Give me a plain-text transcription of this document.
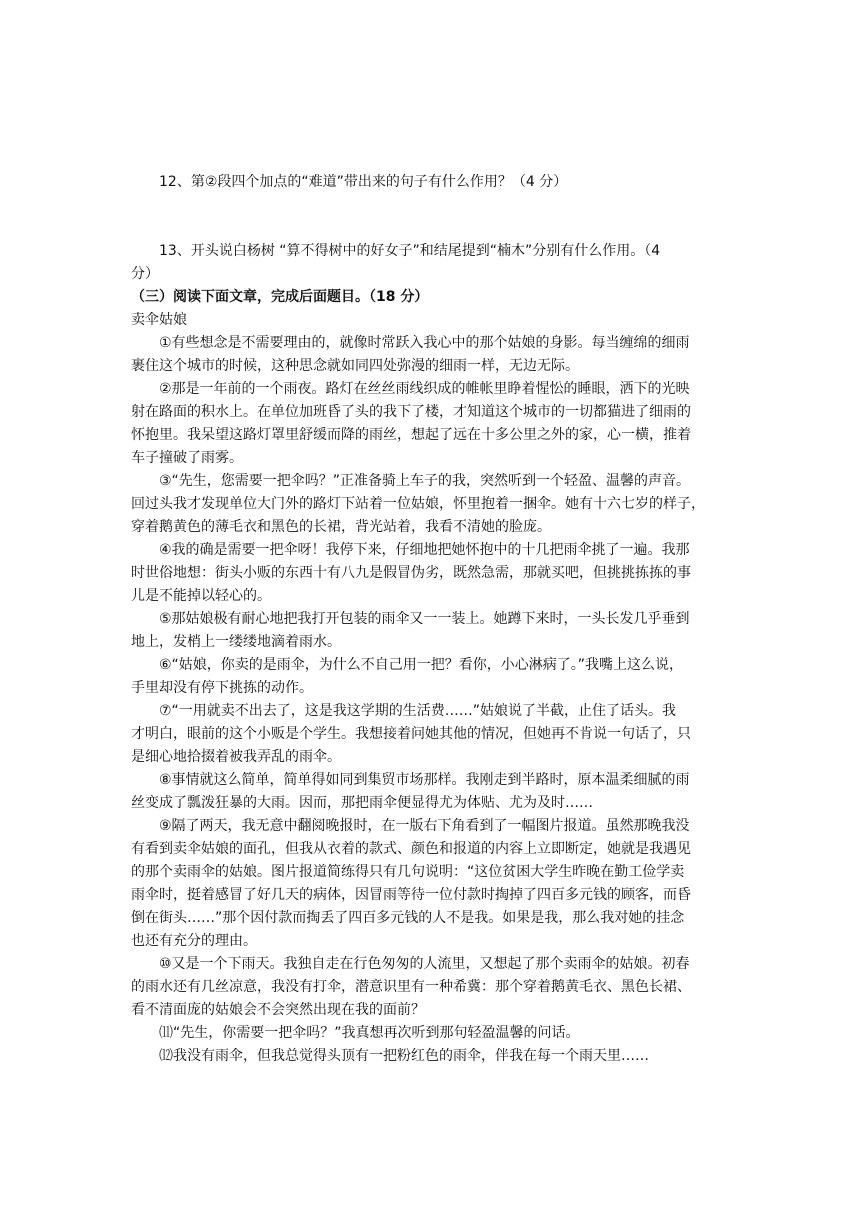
12、第②段四个加点的“难道”带出来的句子有什么作用？（4 分）
13、开头说白杨树 “算不得树中的好女子”和结尾提到“楠木”分别有什么作用。（4
分）
（三）阅读下面文章，完成后面题目。（18 分）
卖伞姑娘

①有些想念是不需要理由的，就像时常跃入我心中的那个姑娘的身影。每当缠绵的细雨

裹住这个城市的时候，这种思念就如同四处弥漫的细雨一样，无边无际。

②那是一年前的一个雨夜。路灯在丝丝雨线织成的帷帐里睁着惺忪的睡眼，洒下的光映

射在路面的积水上。在单位加班昏了头的我下了楼，才知道这个城市的一切都猫进了细雨的

怀抱里。我呆望这路灯罩里舒缓而降的雨丝，想起了远在十多公里之外的家，心一横，推着

车子撞破了雨雾。

③“先生，您需要一把伞吗？”正准备骑上车子的我，突然听到一个轻盈、温馨的声音。

回过头我才发现单位大门外的路灯下站着一位姑娘，怀里抱着一捆伞。她有十六七岁的样子，

穿着鹅黄色的薄毛衣和黑色的长裙，背光站着，我看不清她的脸庞。

④我的确是需要一把伞呀！我停下来，仔细地把她怀抱中的十几把雨伞挑了一遍。我那

时世俗地想：街头小贩的东西十有八九是假冒伪劣，既然急需，那就买吧，但挑挑拣拣的事

儿是不能掉以轻心的。

⑤那姑娘极有耐心地把我打开包装的雨伞又一一装上。她蹲下来时，一头长发几乎垂到

地上，发梢上一缕缕地滴着雨水。

⑥“姑娘，你卖的是雨伞，为什么不自己用一把？看你，小心淋病了。”我嘴上这么说，

手里却没有停下挑拣的动作。

⑦“一用就卖不出去了，这是我这学期的生活费……”姑娘说了半截，止住了话头。我

才明白，眼前的这个小贩是个学生。我想接着问她其他的情况，但她再不肯说一句话了，只

是细心地拾掇着被我弄乱的雨伞。

⑧事情就这么简单，简单得如同到集贸市场那样。我刚走到半路时，原本温柔细腻的雨

丝变成了瓢泼狂暴的大雨。因而，那把雨伞便显得尤为体贴、尤为及时……

⑨隔了两天，我无意中翻阅晚报时，在一版右下角看到了一幅图片报道。虽然那晚我没

有看到卖伞姑娘的面孔，但我从衣着的款式、颜色和报道的内容上立即断定，她就是我遇见

的那个卖雨伞的姑娘。图片报道简练得只有几句说明：“这位贫困大学生昨晚在勤工俭学卖

雨伞时，挺着感冒了好几天的病体，因冒雨等待一位付款时掏掉了四百多元钱的顾客，而昏

倒在街头……”那个因付款而掏丢了四百多元钱的人不是我。如果是我，那么我对她的挂念

也还有充分的理由。

⑩又是一个下雨天。我独自走在行色匆匆的人流里，又想起了那个卖雨伞的姑娘。初春

的雨水还有几丝凉意，我没有打伞，潜意识里有一种希冀：那个穿着鹅黄毛衣、黑色长裙、

看不清面庞的姑娘会不会突然出现在我的面前？

⑾“先生，你需要一把伞吗？”我真想再次听到那句轻盈温馨的问话。

⑿我没有雨伞，但我总觉得头顶有一把粉红色的雨伞，伴我在每一个雨天里……
